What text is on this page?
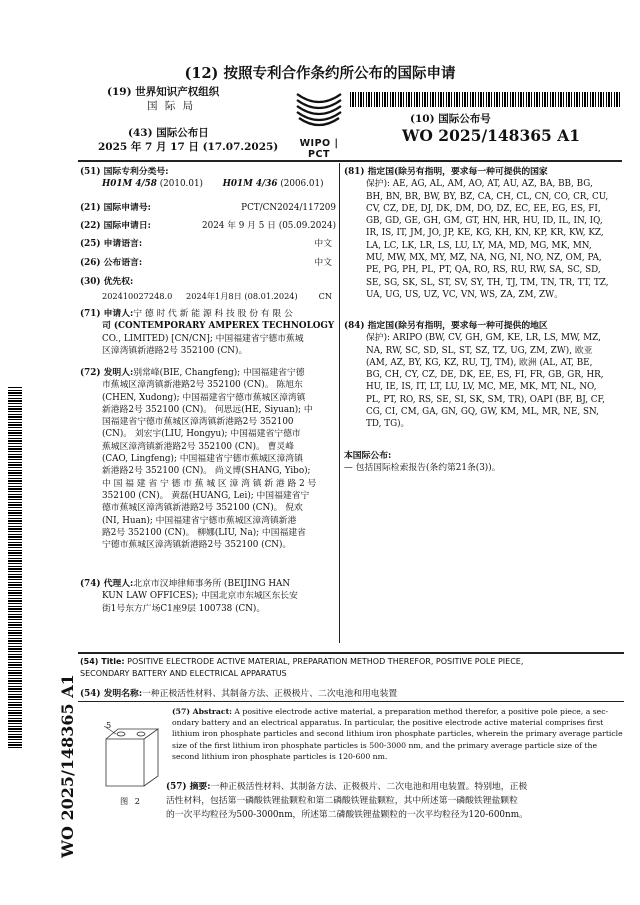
(12) 按照专利合作条约所公布的国际申请
(19) 世界知识产权组织
国 际 局
(43) 国际公布日
2025 年 7 月 17 日 (17.07.2025)	WIPO | PCT
(10) 国际公布号
WO 2025/148365 A1
(51) 国际专利分类号:
H01M 4/58 (2010.01) H01M 4/36 (2006.01)
(21) 国际申请号:	PCT/CN2024/117209
(22) 国际申请日:	2024 年 9 月 5 日 (05.09.2024)
(25) 申请语言:	中文
(26) 公布语言:	中文
(30) 优先权:
202410027248.0 2024年1月8日 (08.01.2024)	CN
(71) 申请人:宁 德 时 代 新 能 源 科 技 股 份 有 限 公
司 (CONTEMPORARY AMPEREX TECHNOLOGY
CO., LIMITED) [CN/CN]; 中国福建省宁德市蕉城
区漳湾镇新港路2号 352100 (CN)。
(72) 发明人:别常峰(BIE, Changfeng); 中国福建省宁德
市蕉城区漳湾镇新港路2号 352100 (CN)。 陈旭东
(CHEN, Xudong); 中国福建省宁德市蕉城区漳湾镇
新港路2号 352100 (CN)。 何思远(HE, Siyuan); 中
国福建省宁德市蕉城区漳湾镇新港路2号 352100
(CN)。 刘宏宇(LIU, Hongyu); 中国福建省宁德市
蕉城区漳湾镇新港路2号 352100 (CN)。 曹灵峰
(CAO, Lingfeng); 中国福建省宁德市蕉城区漳湾镇
新港路2号 352100 (CN)。 尚义博(SHANG, Yibo);
中 国 福 建 省 宁 德 市 蕉 城 区 漳 湾 镇 新 港 路 2 号
352100 (CN)。 黄磊(HUANG, Lei); 中国福建省宁
德市蕉城区漳湾镇新港路2号 352100 (CN)。 倪欢
(NI, Huan); 中国福建省宁德市蕉城区漳湾镇新港
路2号 352100 (CN)。 柳娜(LIU, Na); 中国福建省
宁德市蕉城区漳湾镇新港路2号 352100 (CN)。
(74) 代理人:北京市汉坤律师事务所 (BEIJING HAN
KUN LAW OFFICES); 中国北京市东城区东长安
街1号东方广场C1座9层 100738 (CN)。
(81) 指定国(除另有指明，要求每一种可提供的国家
保护): AE, AG, AL, AM, AO, AT, AU, AZ, BA, BB, BG,
BH, BN, BR, BW, BY, BZ, CA, CH, CL, CN, CO, CR, CU,
CV, CZ, DE, DJ, DK, DM, DO, DZ, EC, EE, EG, ES, FI,
GB, GD, GE, GH, GM, GT, HN, HR, HU, ID, IL, IN, IQ,
IR, IS, IT, JM, JO, JP, KE, KG, KH, KN, KP, KR, KW, KZ,
LA, LC, LK, LR, LS, LU, LY, MA, MD, MG, MK, MN,
MU, MW, MX, MY, MZ, NA, NG, NI, NO, NZ, OM, PA,
PE, PG, PH, PL, PT, QA, RO, RS, RU, RW, SA, SC, SD,
SE, SG, SK, SL, ST, SV, SY, TH, TJ, TM, TN, TR, TT, TZ,
UA, UG, US, UZ, VC, VN, WS, ZA, ZM, ZW。
(84) 指定国(除另有指明，要求每一种可提供的地区
保护): ARIPO (BW, CV, GH, GM, KE, LR, LS, MW, MZ,
NA, RW, SC, SD, SL, ST, SZ, TZ, UG, ZM, ZW), 欧亚
(AM, AZ, BY, KG, KZ, RU, TJ, TM), 欧洲 (AL, AT, BE,
BG, CH, CY, CZ, DE, DK, EE, ES, FI, FR, GB, GR, HR,
HU, IE, IS, IT, LT, LU, LV, MC, ME, MK, MT, NL, NO,
PL, PT, RO, RS, SE, SI, SK, SM, TR), OAPI (BF, BJ, CF,
CG, CI, CM, GA, GN, GQ, GW, KM, ML, MR, NE, SN,
TD, TG)。
本国际公布:
— 包括国际检索报告(条约第21条(3))。
(54) Title: POSITIVE ELECTRODE ACTIVE MATERIAL, PREPARATION METHOD THEREFOR, POSITIVE POLE PIECE,
SECONDARY BATTERY AND ELECTRICAL APPARATUS
(54) 发明名称:一种正极活性材料、其制备方法、正极极片、二次电池和用电装置
5
图 2
(57) Abstract: A positive electrode active material, a preparation method therefor, a positive pole piece, a sec-
ondary battery and an electrical apparatus. In particular, the positive electrode active material comprises first
lithium iron phosphate particles and second lithium iron phosphate particles, wherein the primary average particle
size of the first lithium iron phosphate particles is 500-3000 nm, and the primary average particle size of the
second lithium iron phosphate particles is 120-600 nm.
(57) 摘要:一种正极活性材料、其制备方法、正极极片、二次电池和用电装置。特别地，正极
活性材料，包括第一磷酸铁锂盐颗粒和第二磷酸铁锂盐颗粒，其中所述第一磷酸铁锂盐颗粒
的一次平均粒径为500-3000nm，所述第二磷酸铁锂盐颗粒的一次平均粒径为120-600nm。
WO 2025/148365 A1
